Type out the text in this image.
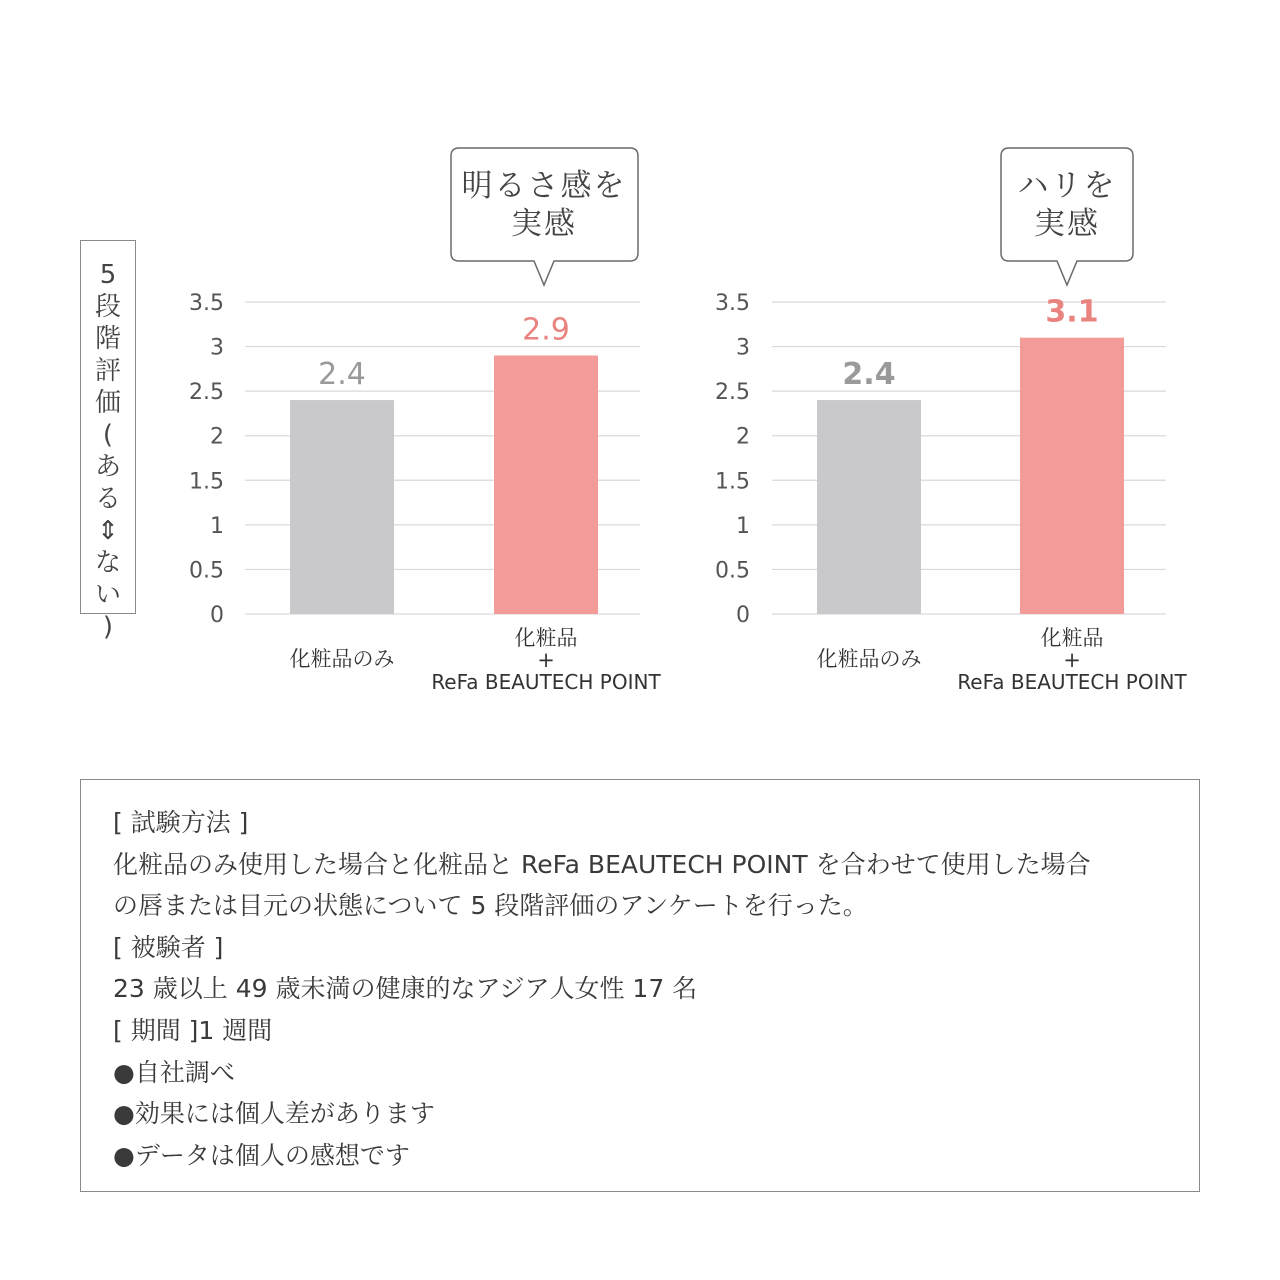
0
0.5
1
1.5
2
2.5
3
3.5
2.4
化粧品のみ
2.9
化粧品
+
ReFa BEAUTECH POINT
明るさ感を
実感
0
0.5
1
1.5
2
2.5
3
3.5
2.4
化粧品のみ
3.1
化粧品
+
ReFa BEAUTECH POINT
ハリを
実感
5
段
階
評
価
(
あ
る
⇕
な
い
)
[ 試験方法 ]
化粧品のみ使用した場合と化粧品と ReFa BEAUTECH POINT を合わせて使用した場合
の唇または目元の状態について 5 段階評価のアンケートを行った。
[ 被験者 ]
23 歳以上 49 歳未満の健康的なアジア人女性 17 名
[ 期間 ]1 週間
●自社調べ
●効果には個人差があります
●データは個人の感想です
